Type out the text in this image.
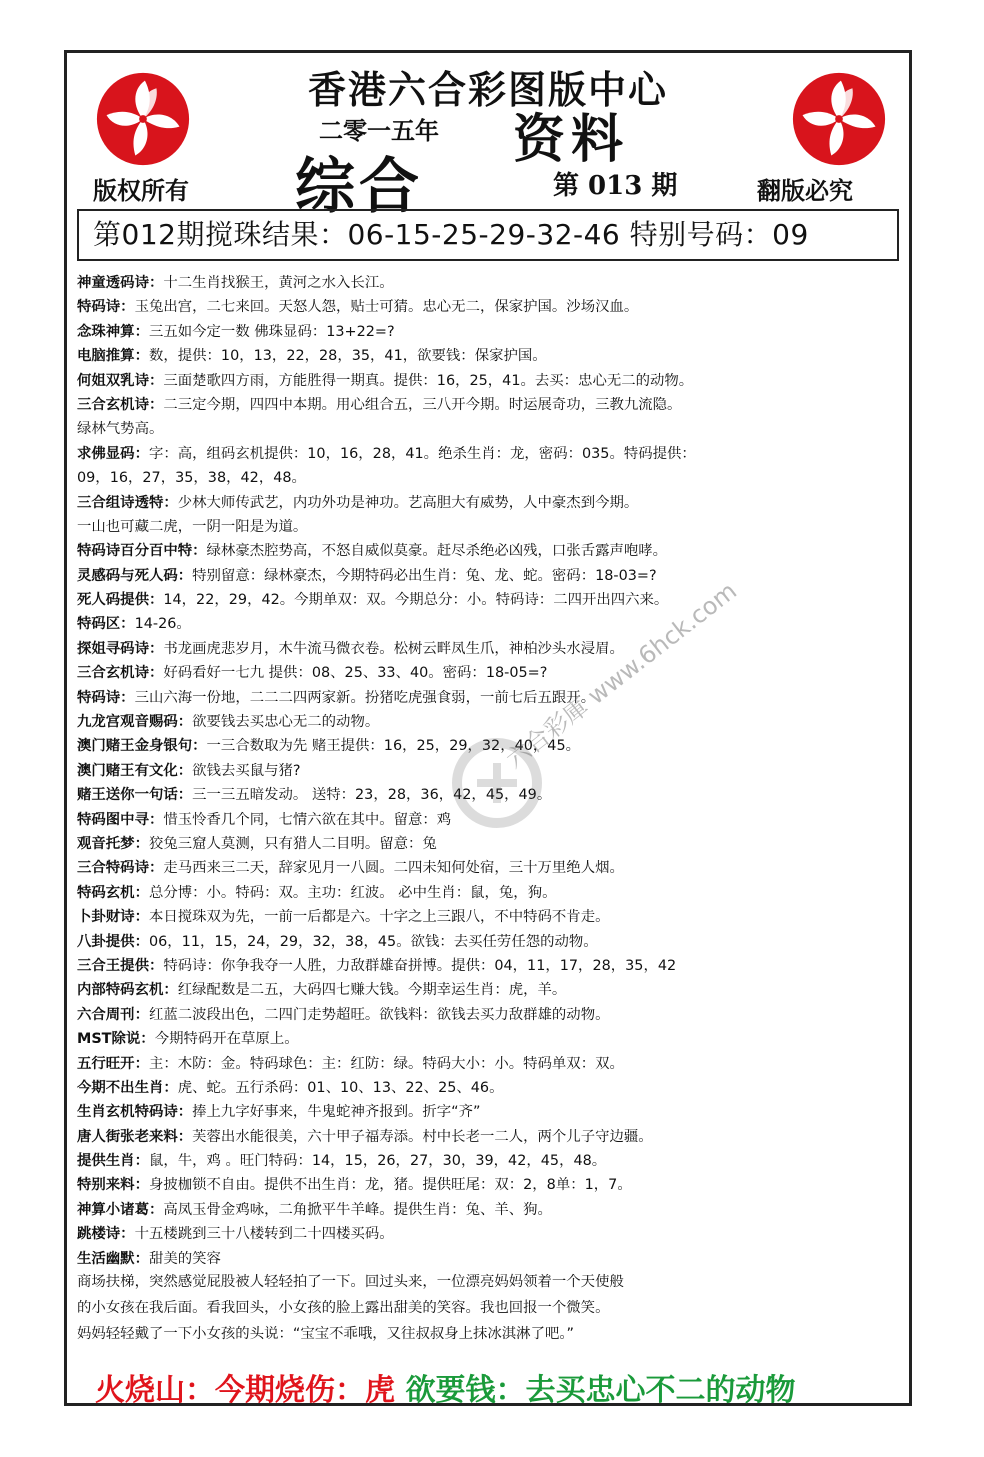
香港六合彩图版中心
二零一五年 资料
综合	第 013 期
版权所有	翻版必究
第012期搅珠结果：06-15-25-29-32-46 特别号码：09
神童透码诗：十二生肖找猴王，黄河之水入长江。
特码诗：玉兔出宫，二七来回。天怒人怨，贴士可猜。忠心无二，保家护国。沙场汉血。
念珠神算：三五如今定一数 佛珠显码：13+22=?
电脑推算：数，提供：10，13，22，28，35，41，欲要钱：保家护国。
何姐双乳诗：三面楚歌四方雨，方能胜得一期真。提供：16，25，41。去买：忠心无二的动物。
三合玄机诗：二三定今期，四四中本期。用心组合五，三八开今期。时运展奇功，三教九流隐。
绿林气势高。
求佛显码：字：高，组码玄机提供：10，16，28，41。绝杀生肖：龙，密码：035。特码提供：
09，16，27，35，38，42，48。
三合组诗透特：少林大师传武艺，内功外功是神功。艺高胆大有威势，人中豪杰到今期。
一山也可藏二虎，一阴一阳是为道。
特码诗百分百中特：绿林豪杰腔势高，不怒自威似莫豪。赶尽杀绝必凶残，口张舌露声咆哮。
灵感码与死人码：特别留意：绿林豪杰，今期特码必出生肖：兔、龙、蛇。密码：18-03=?
死人码提供：14，22，29，42。今期单双：双。今期总分：小。特码诗：二四开出四六来。
特码区：14-26。
探姐寻码诗：书龙画虎悲岁月，木牛流马微衣卷。松树云畔凤生爪，神柏沙头水浸眉。
三合玄机诗：好码看好一七九 提供：08、25、33、40。密码：18-05=?
特码诗：三山六海一份地，二二二四两家新。扮猪吃虎强食弱，一前七后五跟开。
九龙宫观音赐码：欲要钱去买忠心无二的动物。
澳门赌王金身银句：一三合数取为先 赌王提供：16，25，29，32，40，45。
澳门赌王有文化：欲钱去买鼠与猪?
赌王送你一句话：三一三五暗发动。 送特：23，28，36，42，45，49。
特码图中寻：惜玉怜香几个同，七情六欲在其中。留意：鸡
观音托梦：狡兔三窟人莫测，只有猎人二目明。留意：兔
三合特码诗：走马西来三二天，辞家见月一八圆。二四未知何处宿，三十万里绝人烟。
特码玄机：总分博：小。特码：双。主功：红波。 必中生肖：鼠，兔，狗。
卜卦财诗：本日搅珠双为先，一前一后都是六。十字之上三跟八，不中特码不肯走。
八卦提供：06，11，15，24，29，32，38，45。欲钱：去买任劳任怨的动物。
三合王提供：特码诗：你争我夺一人胜，力敌群雄奋拼博。提供：04，11，17，28，35，42
内部特码玄机：红绿配数是二五，大码四七赚大钱。今期幸运生肖：虎，羊。
六合周刊：红蓝二波段出色，二四门走势超旺。欲钱料：欲钱去买力敌群雄的动物。
MST除说：今期特码开在草原上。
五行旺开：主：木防：金。特码球色：主：红防：绿。特码大小：小。特码单双：双。
今期不出生肖：虎、蛇。五行杀码：01、10、13、22、25、46。
生肖玄机特码诗：捧上九字好事来，牛鬼蛇神齐报到。折字“齐”
唐人街张老来料：芙蓉出水能很美，六十甲子福寿添。村中长老一二人，两个儿子守边疆。
提供生肖：鼠，牛，鸡 。旺门特码：14，15，26，27，30，39，42，45，48。
特别来料：身披枷锁不自由。提供不出生肖：龙，猪。提供旺尾：双：2，8单：1，7。
神算小诸葛：高凤玉骨金鸡咏，二角掀平牛羊峰。提供生肖：兔、羊、狗。
跳楼诗：十五楼跳到三十八楼转到二十四楼买码。
生活幽默：甜美的笑容
商场扶梯，突然感觉屁股被人轻轻拍了一下。回过头来，一位漂亮妈妈领着一个天使般
的小女孩在我后面。看我回头，小女孩的脸上露出甜美的笑容。我也回报一个微笑。
妈妈轻轻戴了一下小女孩的头说：“宝宝不乖哦，又往叔叔身上抹冰淇淋了吧。”
火烧山：今期烧伤：虎 欲要钱：去买忠心不二的动物
六合彩庫 www.6hck.com
